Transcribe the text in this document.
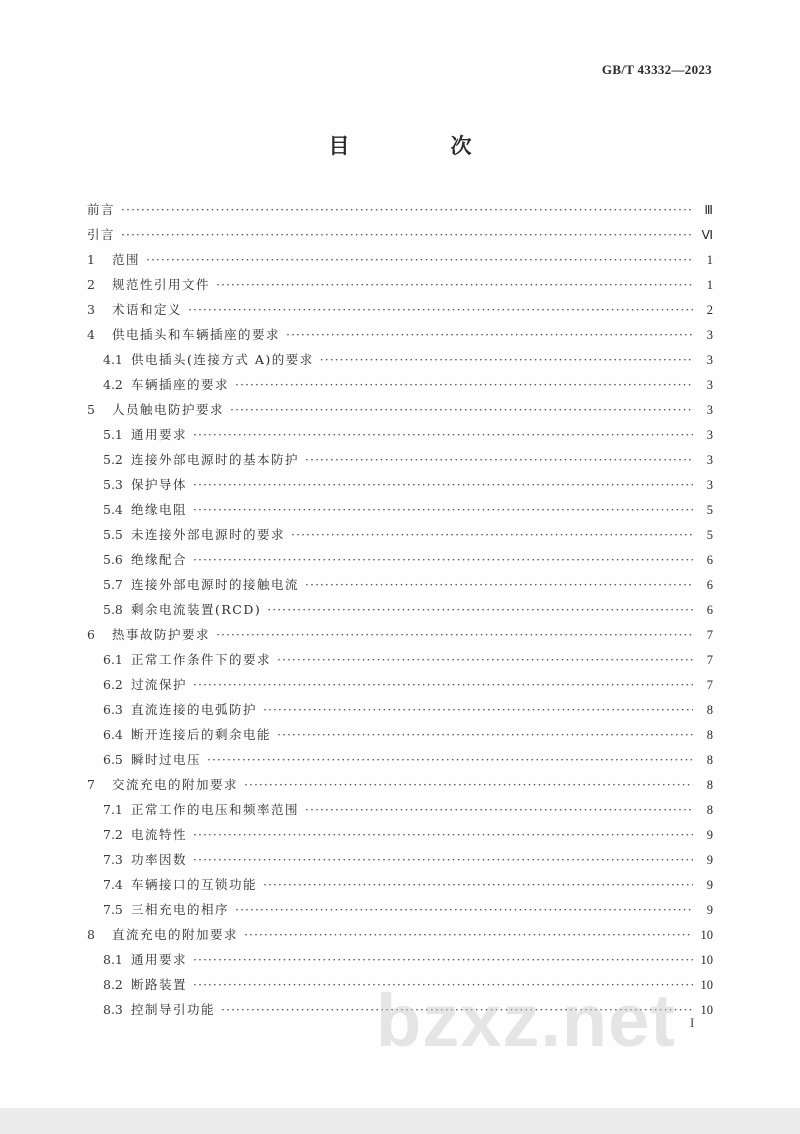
GB/T 43332—2023
目　次
前言 ·····	Ⅲ
引言 ·····	Ⅵ
1	范围 ·····	1
2	规范性引用文件 ·····	1
3	术语和定义 ·····	2
4	供电插头和车辆插座的要求 ·····	3
4.1 供电插头(连接方式 A)的要求 ·····	3
4.2 车辆插座的要求 ·····	3
5	人员触电防护要求 ·····	3
5.1 通用要求 ·····	3
5.2 连接外部电源时的基本防护 ·····	3
5.3 保护导体 ·····	3
5.4 绝缘电阻 ·····	5
5.5 未连接外部电源时的要求 ·····	5
5.6 绝缘配合 ·····	6
5.7 连接外部电源时的接触电流 ·····	6
5.8 剩余电流装置(RCD) ·····	6
6	热事故防护要求 ·····	7
6.1 正常工作条件下的要求 ·····	7
6.2 过流保护 ·····	7
6.3 直流连接的电弧防护 ·····	8
6.4 断开连接后的剩余电能 ·····	8
6.5 瞬时过电压 ·····	8
7	交流充电的附加要求 ·····	8
7.1 正常工作的电压和频率范围 ·····	8
7.2 电流特性 ·····	9
7.3 功率因数 ·····	9
7.4 车辆接口的互锁功能 ·····	9
7.5 三相充电的相序 ·····	9
8	直流充电的附加要求 ·····	10
8.1 通用要求 ·····	10
8.2 断路装置 ·····	10
8.3 控制导引功能 ·····	10
bzxz.net I
